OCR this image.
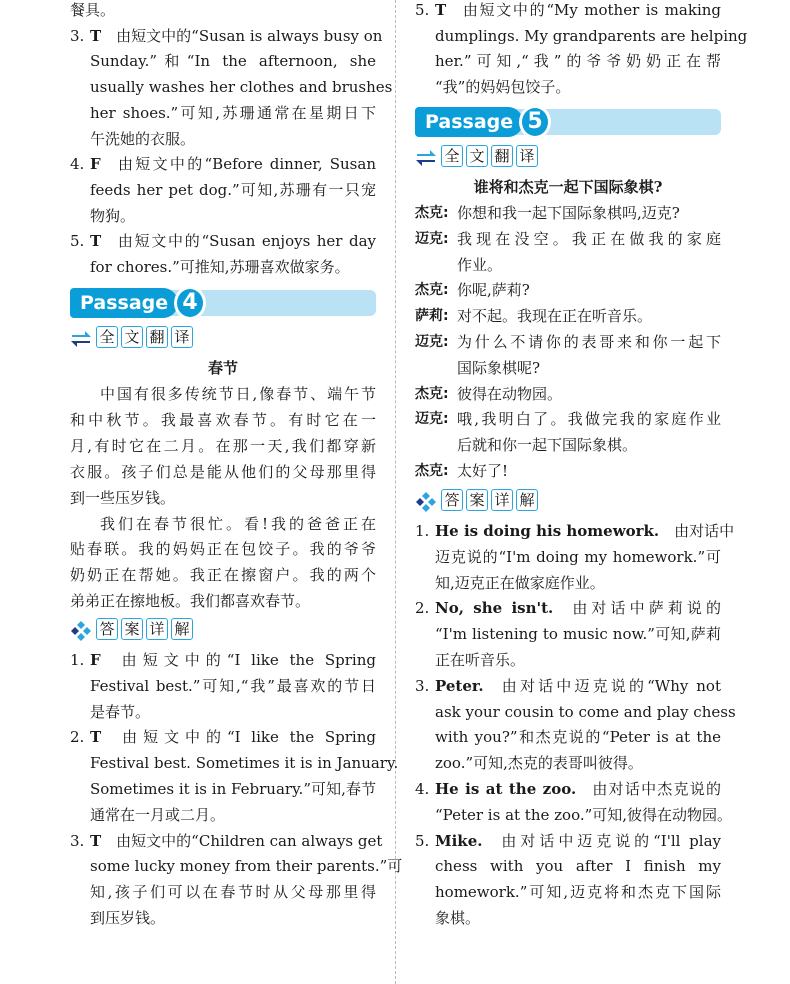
餐具。
3. T  由短文中的“Susan is always busy on
Sunday.”和“In the afternoon, she
usually washes her clothes and brushes
her shoes.”可知,苏珊通常在星期日下
午洗她的衣服。
4. F  由短文中的“Before dinner, Susan
feeds her pet dog.”可知,苏珊有一只宠
物狗。
5. T  由短文中的“Susan enjoys her day
for chores.”可推知,苏珊喜欢做家务。
Passage 4
全 文 翻 译
春节
中国有很多传统节日,像春节、端午节
和中秋节。我最喜欢春节。有时它在一
月,有时它在二月。在那一天,我们都穿新
衣服。孩子们总是能从他们的父母那里得
到一些压岁钱。
我们在春节很忙。看!我的爸爸正在
贴春联。我的妈妈正在包饺子。我的爷爷
奶奶正在帮她。我正在擦窗户。我的两个
弟弟正在擦地板。我们都喜欢春节。
答 案 详 解
1. F  由短文中的“I like the Spring
Festival best.”可知,“我”最喜欢的节日
是春节。
2. T  由短文中的“I like the Spring
Festival best. Sometimes it is in January.
Sometimes it is in February.”可知,春节
通常在一月或二月。
3. T  由短文中的“Children can always get
some lucky money from their parents.”可
知,孩子们可以在春节时从父母那里得
到压岁钱。
5. T  由短文中的“My mother is making
dumplings. My grandparents are helping
her.”可知,“我”的爷爷奶奶正在帮
“我”的妈妈包饺子。
Passage 5
全 文 翻 译
谁将和杰克一起下国际象棋?
杰克: 你想和我一起下国际象棋吗,迈克?
迈克: 我现在没空。我正在做我的家庭
作业。
杰克: 你呢,萨莉?
萨莉: 对不起。我现在正在听音乐。
迈克: 为什么不请你的表哥来和你一起下
国际象棋呢?
杰克: 彼得在动物园。
迈克: 哦,我明白了。我做完我的家庭作业
后就和你一起下国际象棋。
杰克: 太好了!
答 案 详 解
1. He is doing his homework.  由对话中
迈克说的“I'm doing my homework.”可
知,迈克正在做家庭作业。
2. No, she isn't.  由对话中萨莉说的
“I'm listening to music now.”可知,萨莉
正在听音乐。
3. Peter.  由对话中迈克说的“Why not
ask your cousin to come and play chess
with you?”和杰克说的“Peter is at the
zoo.”可知,杰克的表哥叫彼得。
4. He is at the zoo.  由对话中杰克说的
“Peter is at the zoo.”可知,彼得在动物园。
5. Mike.  由对话中迈克说的“I'll play
chess with you after I finish my
homework.”可知,迈克将和杰克下国际
象棋。
